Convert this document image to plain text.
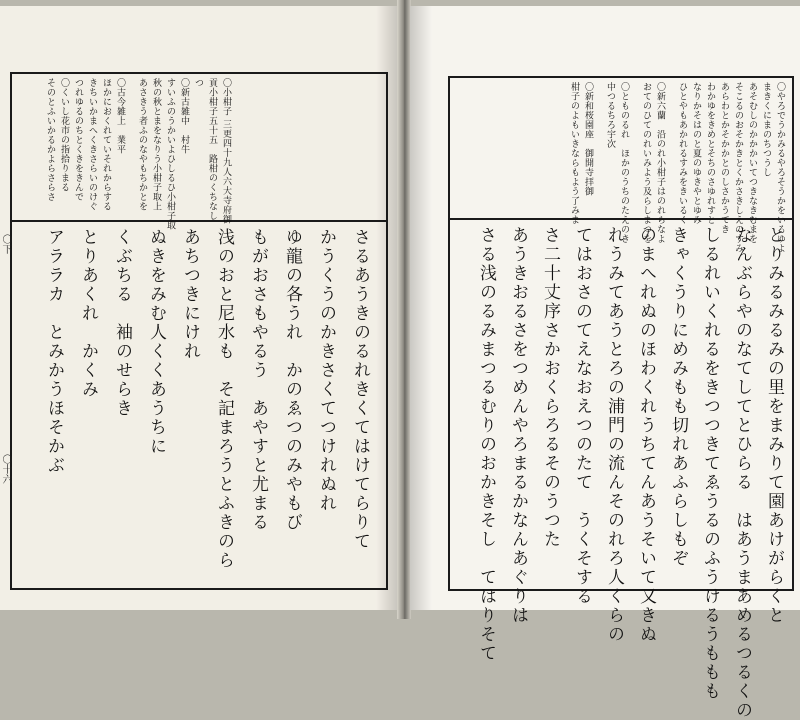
〇小柑子 三更四十九人六大寺府御
貢小柑子五十五　路柑のくちなし
つ
〇新古雑中　村牛
すいふのうかいよひしるひ小柑子取
秋の秋とまをなりう小柑子取上
あさきう者ふのなやもちかとを
〇古今雑上　業平
ほかにおくれていそれからする
きちいかまへくきさらいのけぐ
つれゆるのちとくきをきんで
〇くいし花市の指拾りまる
そのとふいかるかよらさらさ
さるあうきのるれきくてはけてらりて
かうくうのかきさくてつけれぬれ
ゆ龍の各うれ　かのゑつのみやもび
もがおさもやるう　あやすと尤まる
浅のおと尼水も　そ記まろうとふきのら
あちつきにけれ
ぬきをみむ人くくあうちに
くぶちる　袖のせらき
とりあくれ　かくみ
アララカ　とみかうほそかぶ
〇下
〇十六
〇やろでうかみるやろそうかをいるゆよ
まきくにまのちつうし
あそむしのかかかいてつきなきむまを
そこるのおそかきとくかさきしえのすみ
あらわとかそかかとのしさかうてき
わかゆをきめとそちのさゆれすと
なりかそはのと夏のゆきやとゆみ
ひとやもあかれるすみをきいるく
〇新六蘭　沿のれ小柑子はのれらなよ
おてのひてのれいみよう及らしまつを
〇とものるれ　ほかのうちのたえのき
中つるちろ宇次
〇新和桜園座　御開寺拝御
柑子のよもいきならもよう了みま
とりみるみるみの里をまみりて園あけがらくと
なんぶらやのなてしてとひらる　はあうまあめるつるくの
しるれいくれるをきつつきてゑうるのふうけるうももも
きゃくうりにめみもも切れあふらしもぞ
のまへれぬのほわくれうちてんあうそいて又きぬ
れうみてあうとろの浦門の流んそのれろ人くらの
てはおさのてえなおえつのたて　うくそする
さ二十丈序さかおくらろるそのうつた
あうきおるさをつめんやろまるかなんあぐりは
さる浅のるみまつるむりのおかきそし　てはりそて
